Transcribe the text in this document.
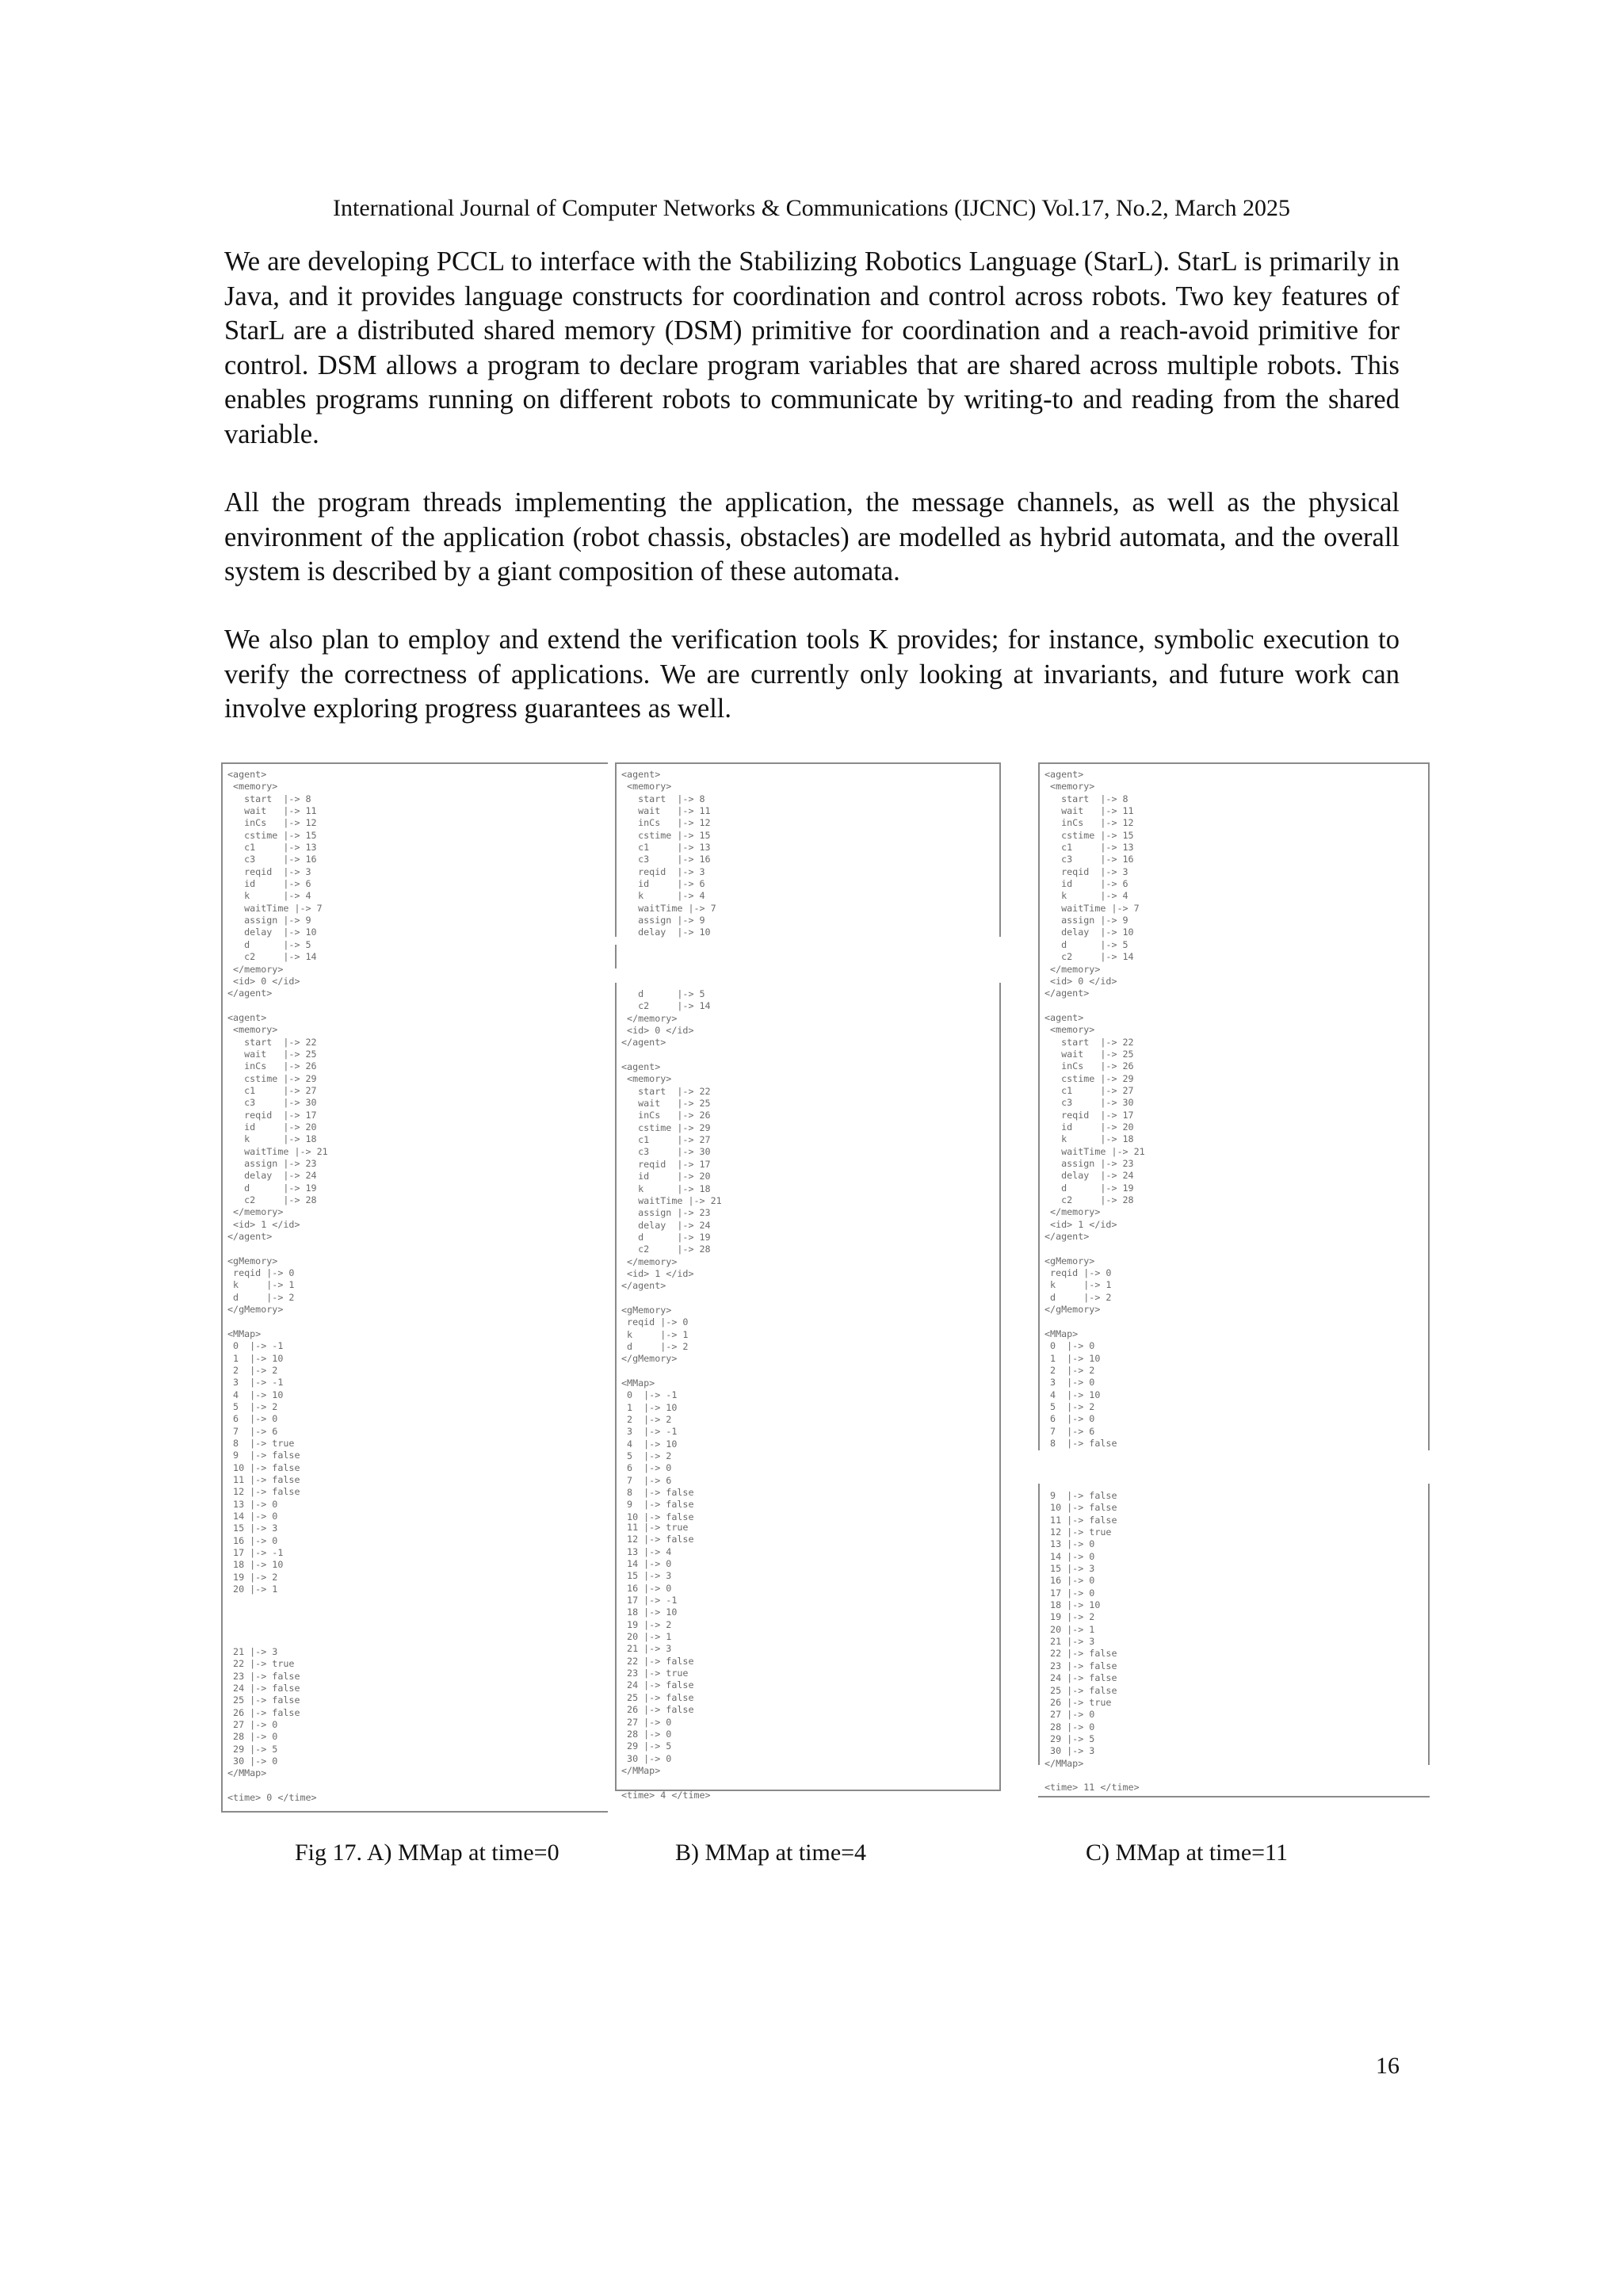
International Journal of Computer Networks & Communications (IJCNC) Vol.17, No.2, March 2025

We are developing PCCL to interface with the Stabilizing Robotics Language (StarL). StarL is primarily in Java, and it provides language constructs for coordination and control across robots. Two key features of StarL are a distributed shared memory (DSM) primitive for coordination and a reach-avoid primitive for control. DSM allows a program to declare program variables that are shared across multiple robots. This enables programs running on different robots to communicate by writing-to and reading from the shared variable.

All the program threads implementing the application, the message channels, as well as the physical environment of the application (robot chassis, obstacles) are modelled as hybrid automata, and the overall system is described by a giant composition of these automata.

We also plan to employ and extend the verification tools K provides; for instance, symbolic execution to verify the correctness of applications. We are currently only looking at invariants, and future work can involve exploring progress guarantees as well.

<agent>
<memory>
start  |-> 8
wait   |-> 11
inCs   |-> 12
cstime |-> 15
c1     |-> 13
c3     |-> 16
reqid  |-> 3
id     |-> 6
k      |-> 4
waitTime |-> 7
assign |-> 9
delay  |-> 10
d      |-> 5
c2     |-> 14
</memory>
<id> 0 </id>
</agent>

<agent>
<memory>
start  |-> 22
wait   |-> 25
inCs   |-> 26
cstime |-> 29
c1     |-> 27
c3     |-> 30
reqid  |-> 17
id     |-> 20
k      |-> 18
waitTime |-> 21
assign |-> 23
delay  |-> 24
d      |-> 19
c2     |-> 28
</memory>
<id> 1 </id>
</agent>

<gMemory>
reqid |-> 0
k     |-> 1
d     |-> 2
</gMemory>

<MMap>
0  |-> -1
1  |-> 10
2  |-> 2
3  |-> -1
4  |-> 10
5  |-> 2
6  |-> 0
7  |-> 6
8  |-> true
9  |-> false
10 |-> false
11 |-> false
12 |-> false
13 |-> 0
14 |-> 0
15 |-> 3
16 |-> 0
17 |-> -1
18 |-> 10
19 |-> 2
20 |-> 1

21 |-> 3
22 |-> true
23 |-> false
24 |-> false
25 |-> false
26 |-> false
27 |-> 0
28 |-> 0
29 |-> 5
30 |-> 0
</MMap>

<time> 0 </time>

<agent>
<memory>
start  |-> 8
wait   |-> 11
inCs   |-> 12
cstime |-> 15
c1     |-> 13
c3     |-> 16
reqid  |-> 3
id     |-> 6
k      |-> 4
waitTime |-> 7
assign |-> 9
delay  |-> 10

d      |-> 5
c2     |-> 14
</memory>
<id> 0 </id>
</agent>

<agent>
<memory>
start  |-> 22
wait   |-> 25
inCs   |-> 26
cstime |-> 29
c1     |-> 27
c3     |-> 30
reqid  |-> 17
id     |-> 20
k      |-> 18
waitTime |-> 21
assign |-> 23
delay  |-> 24
d      |-> 19
c2     |-> 28
</memory>
<id> 1 </id>
</agent>

<gMemory>
reqid |-> 0
k     |-> 1
d     |-> 2
</gMemory>

<MMap>
0  |-> -1
1  |-> 10
2  |-> 2
3  |-> -1
4  |-> 10
5  |-> 2
6  |-> 0
7  |-> 6
8  |-> false
9  |-> false
10 |-> false

11 |-> true
12 |-> false
13 |-> 4
14 |-> 0
15 |-> 3
16 |-> 0
17 |-> -1
18 |-> 10
19 |-> 2
20 |-> 1
21 |-> 3
22 |-> false
23 |-> true
24 |-> false
25 |-> false
26 |-> false
27 |-> 0
28 |-> 0
29 |-> 5
30 |-> 0
</MMap>

<time> 4 </time>

<agent>
<memory>
start  |-> 8
wait   |-> 11
inCs   |-> 12
cstime |-> 15
c1     |-> 13
c3     |-> 16
reqid  |-> 3
id     |-> 6
k      |-> 4
waitTime |-> 7
assign |-> 9
delay  |-> 10
d      |-> 5
c2     |-> 14
</memory>
<id> 0 </id>
</agent>

<agent>
<memory>
start  |-> 22
wait   |-> 25
inCs   |-> 26
cstime |-> 29
c1     |-> 27
c3     |-> 30
reqid  |-> 17
id     |-> 20
k      |-> 18
waitTime |-> 21
assign |-> 23
delay  |-> 24
d      |-> 19
c2     |-> 28
</memory>
<id> 1 </id>
</agent>

<gMemory>
reqid |-> 0
k     |-> 1
d     |-> 2
</gMemory>

<MMap>
0  |-> 0
1  |-> 10
2  |-> 2
3  |-> 0
4  |-> 10
5  |-> 2
6  |-> 0
7  |-> 6
8  |-> false

9  |-> false
10 |-> false
11 |-> false
12 |-> true
13 |-> 0
14 |-> 0
15 |-> 3
16 |-> 0
17 |-> 0
18 |-> 10
19 |-> 2
20 |-> 1
21 |-> 3
22 |-> false
23 |-> false
24 |-> false
25 |-> false
26 |-> true
27 |-> 0
28 |-> 0
29 |-> 5
30 |-> 3
</MMap>

<time> 11 </time>

Fig 17. A) MMap at time=0	B) MMap at time=4	C) MMap at time=11
16
